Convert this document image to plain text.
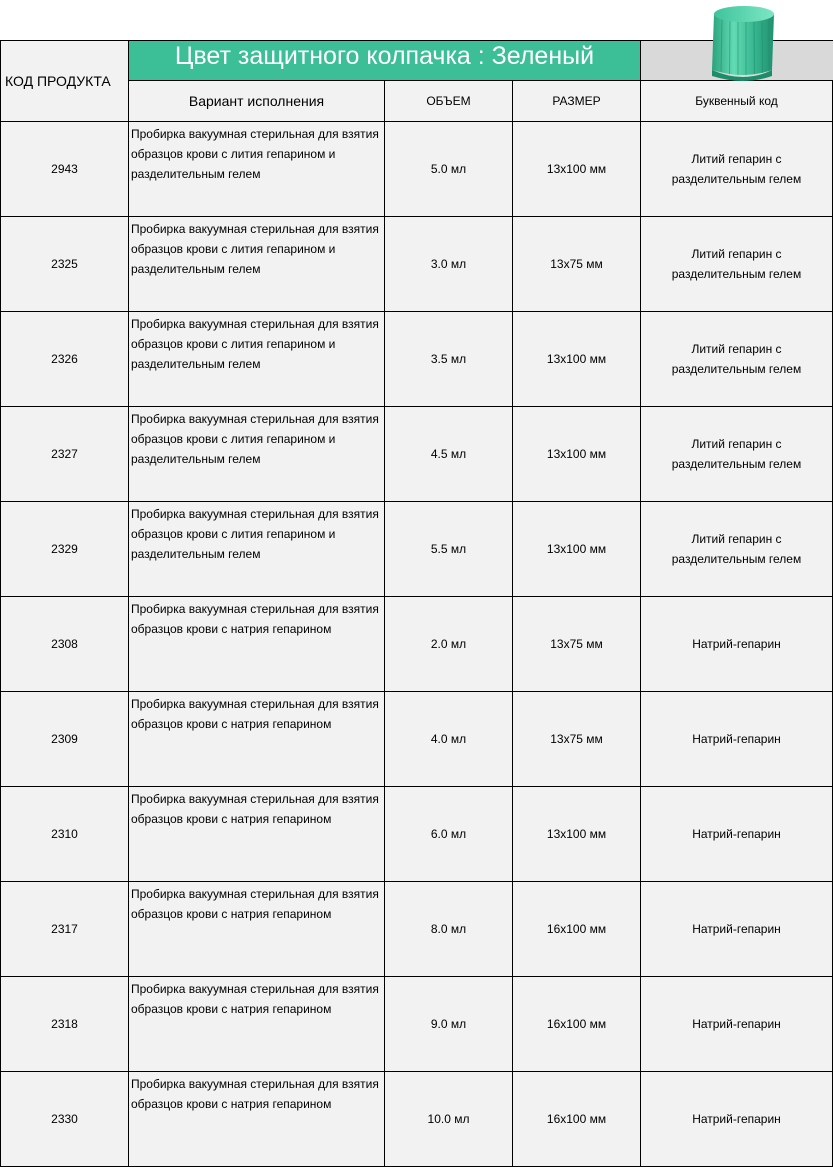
КОД ПРОДУКТА	Цвет защитного колпачка : Зеленый			

	Вариант исполнения	ОБЪЕМ	РАЗМЕР	Буквенный код
2943	Пробирка вакуумная стерильная для взятия образцов крови с лития гепарином и разделительным гелем	5.0 мл	13х100 мм	Литий гепарин с разделительным гелем
2325	Пробирка вакуумная стерильная для взятия образцов крови с лития гепарином и разделительным гелем	3.0 мл	13х75 мм	Литий гепарин с разделительным гелем
2326	Пробирка вакуумная стерильная для взятия образцов крови с лития гепарином и разделительным гелем	3.5 мл	13х100 мм	Литий гепарин с разделительным гелем
2327	Пробирка вакуумная стерильная для взятия образцов крови с лития гепарином и разделительным гелем	4.5 мл	13х100 мм	Литий гепарин с разделительным гелем
2329	Пробирка вакуумная стерильная для взятия образцов крови с лития гепарином и разделительным гелем	5.5 мл	13х100 мм	Литий гепарин с разделительным гелем
2308	Пробирка вакуумная стерильная для взятия образцов крови с натрия гепарином	2.0 мл	13х75 мм	Натрий-гепарин
2309	Пробирка вакуумная стерильная для взятия образцов крови с натрия гепарином	4.0 мл	13х75 мм	Натрий-гепарин
2310	Пробирка вакуумная стерильная для взятия образцов крови с натрия гепарином	6.0 мл	13х100 мм	Натрий-гепарин
2317	Пробирка вакуумная стерильная для взятия образцов крови с натрия гепарином	8.0 мл	16х100 мм	Натрий-гепарин
2318	Пробирка вакуумная стерильная для взятия образцов крови с натрия гепарином	9.0 мл	16х100 мм	Натрий-гепарин
2330	Пробирка вакуумная стерильная для взятия образцов крови с натрия гепарином	10.0 мл	16х100 мм	Натрий-гепарин
